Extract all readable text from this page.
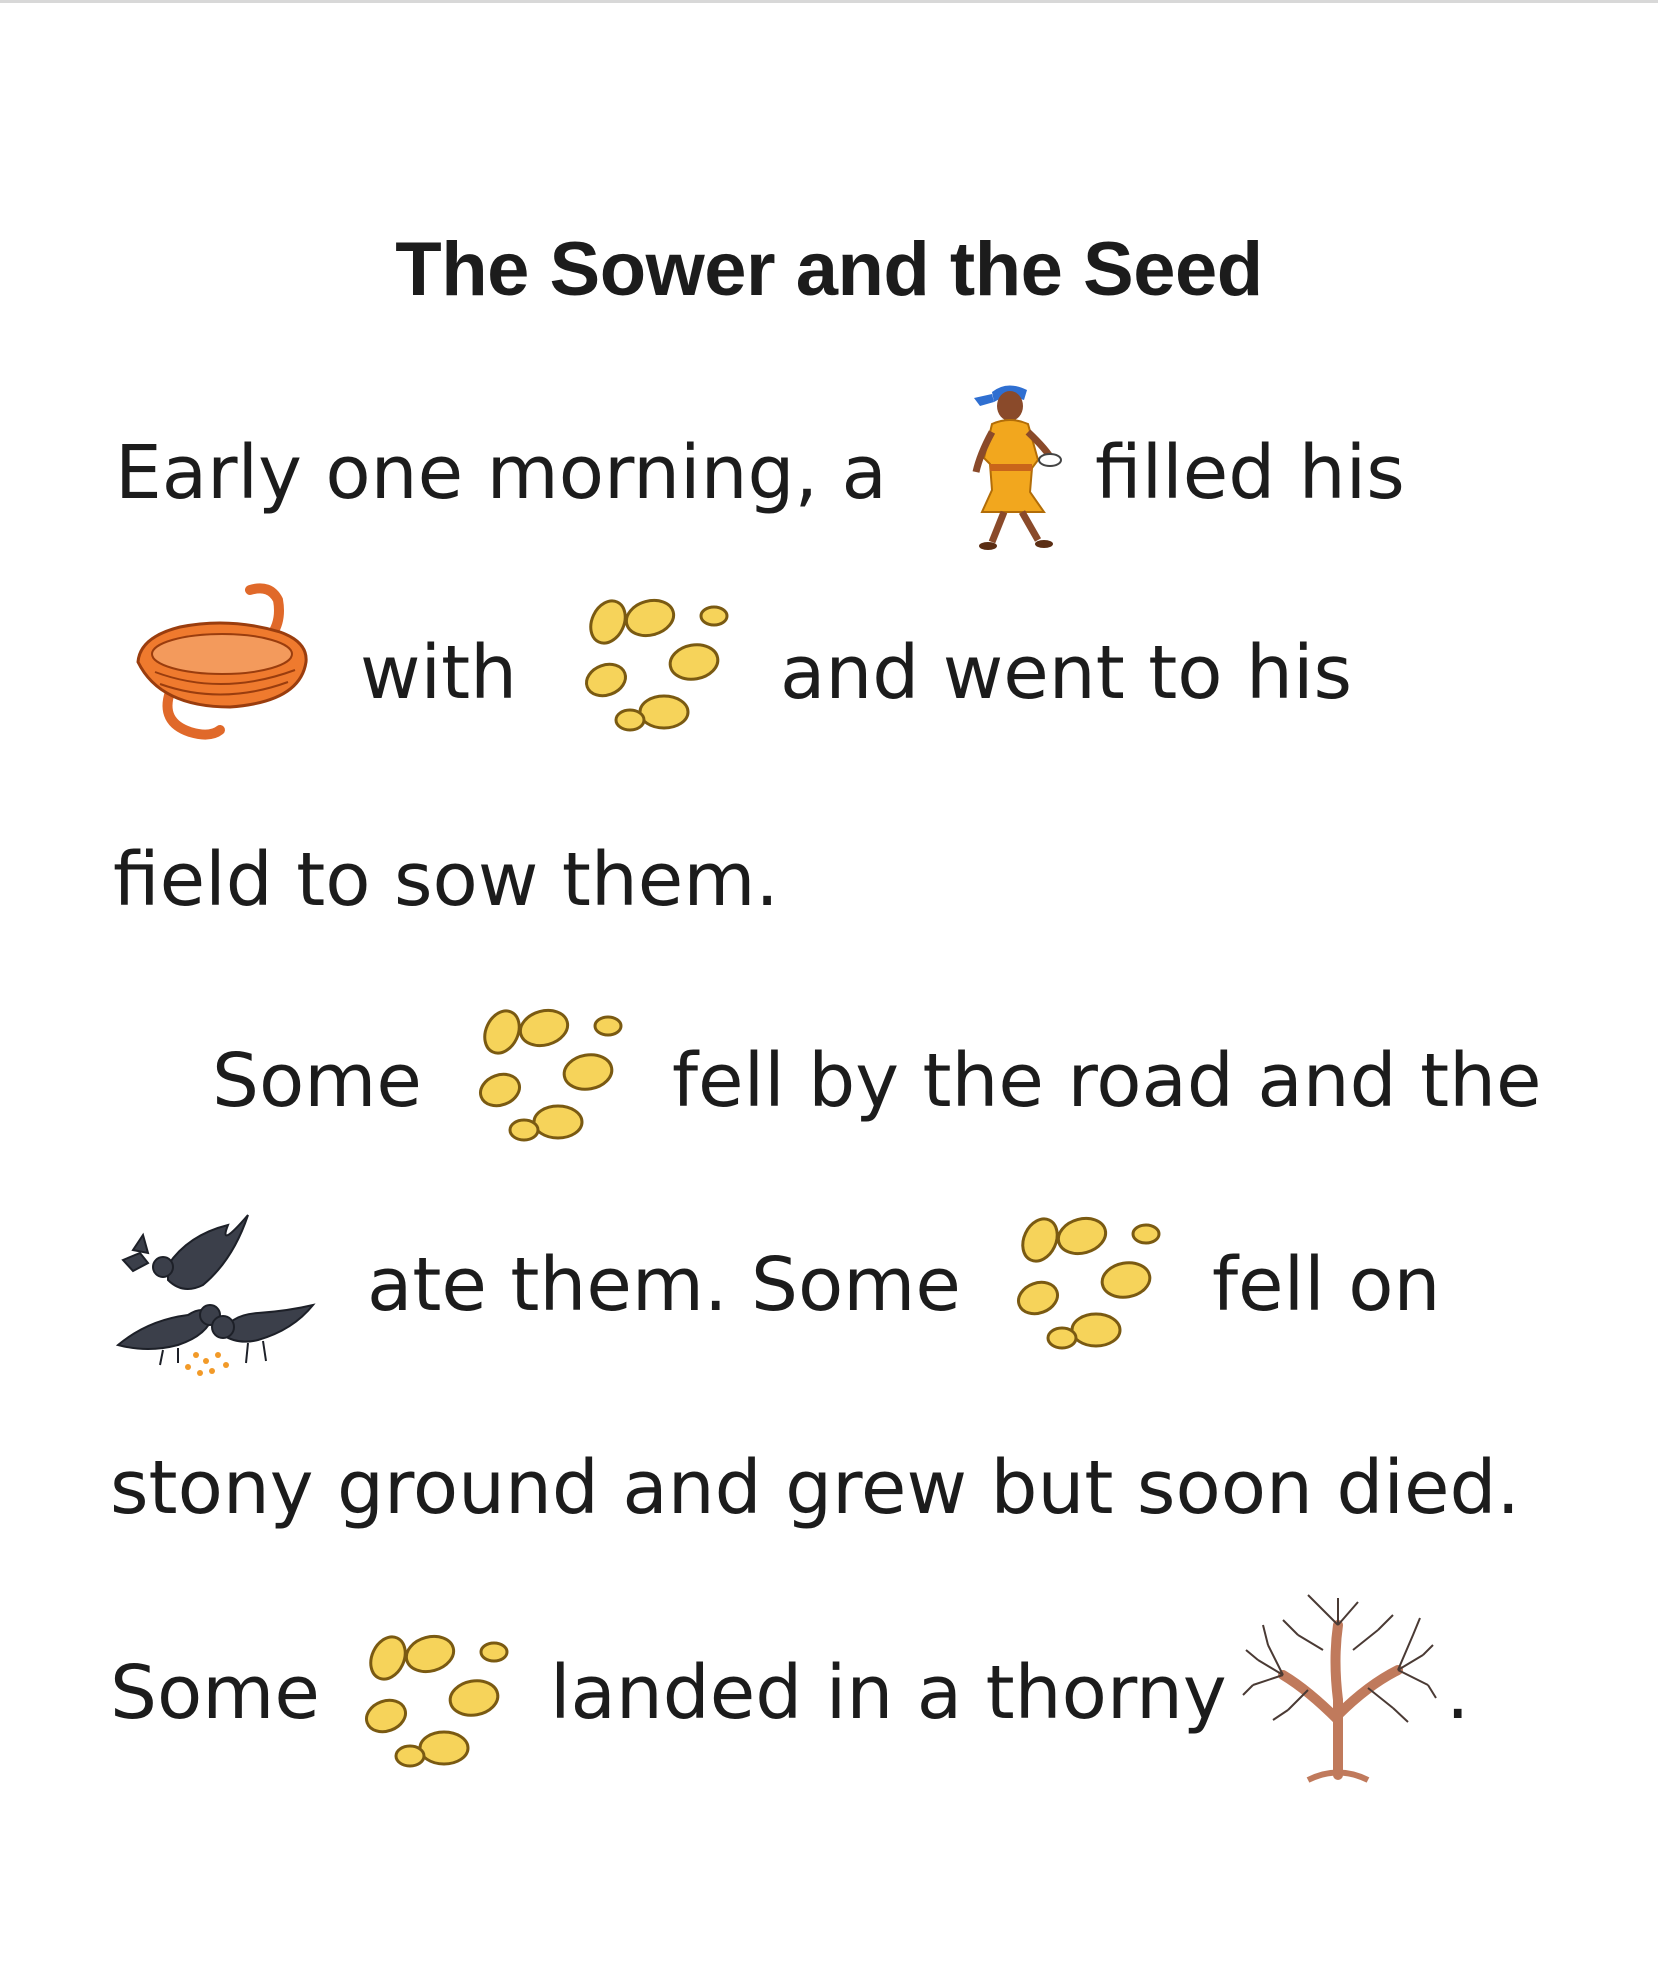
The Sower and the Seed
Early one morning, a	filled his
with	and went to his
field to sow them.
Some	fell by the road and the
ate them. Some	fell on
stony ground and grew but soon died.
Some	landed in a thorny	.
